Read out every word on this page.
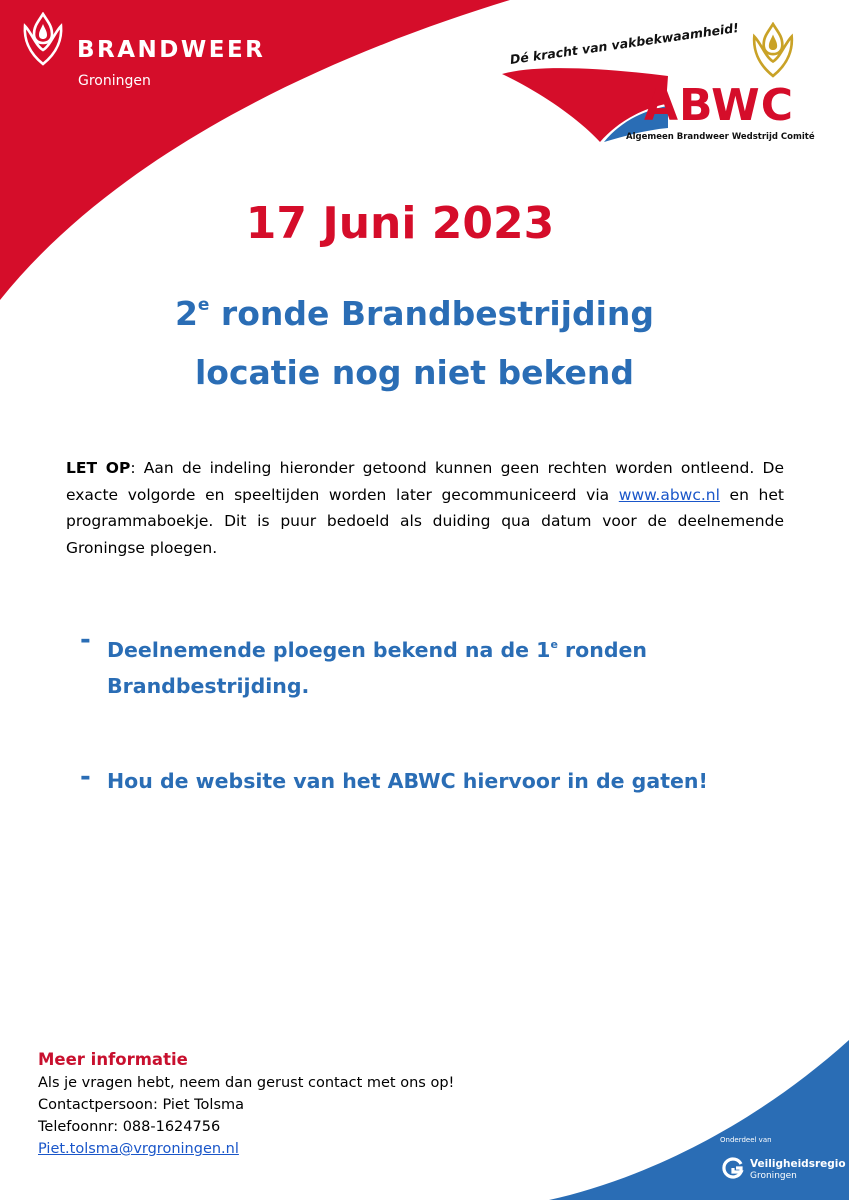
BRANDWEER
Groningen
Dé kracht van vakbekwaamheid!
ABWC
Algemeen Brandweer Wedstrijd Comité
17 Juni 2023
2e ronde Brandbestrijding
locatie nog niet bekend
LET OP: Aan de indeling hieronder getoond kunnen geen rechten worden ontleend. De exacte volgorde en speeltijden worden later gecommuniceerd via www.abwc.nl en het programmaboekje. Dit is puur bedoeld als duiding qua datum voor de deelnemende Groningse ploegen.
- Deelnemende ploegen bekend na de 1e ronden
Brandbestrijding.
- Hou de website van het ABWC hiervoor in de gaten!
Meer informatie
Als je vragen hebt, neem dan gerust contact met ons op!
Contactpersoon: Piet Tolsma
Telefoonnr: 088-1624756
Piet.tolsma@vrgroningen.nl
Onderdeel van
Veiligheidsregio
Groningen
